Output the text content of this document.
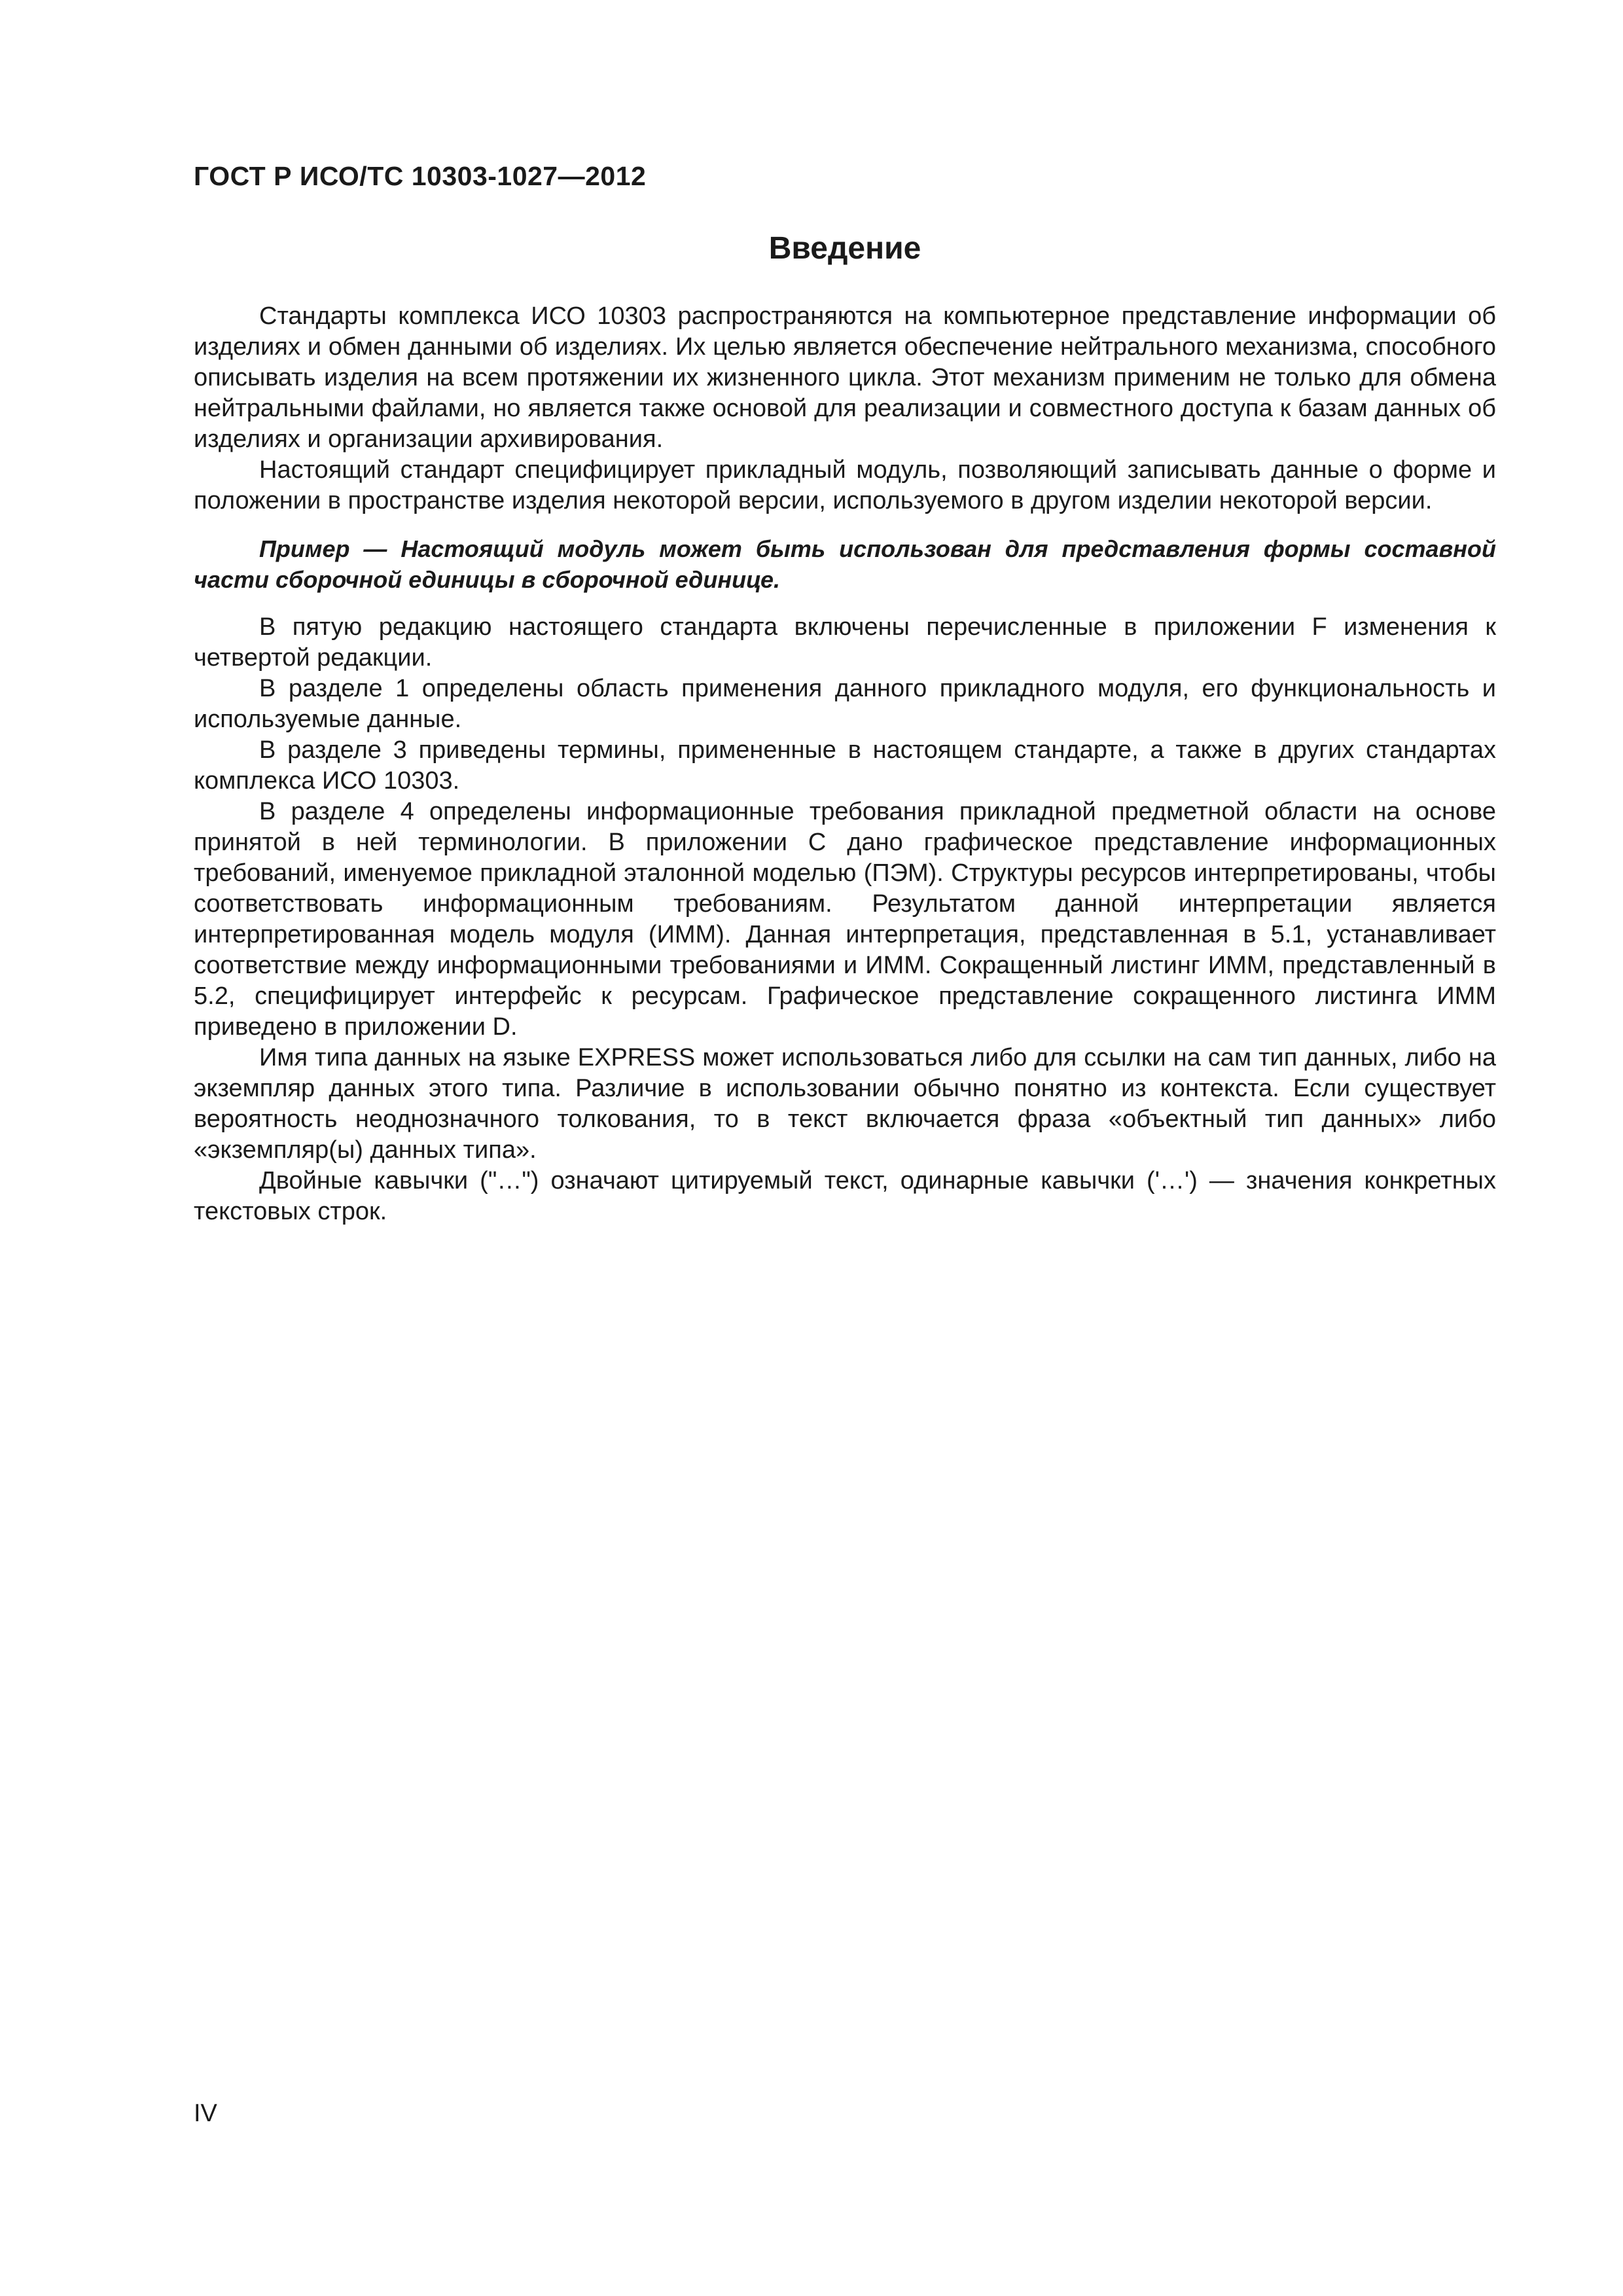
ГОСТ Р ИСО/ТС 10303-1027—2012

Введение

Стандарты комплекса ИСО 10303 распространяются на компьютерное представление информации об изделиях и обмен данными об изделиях. Их целью является обеспечение нейтрального механизма, способного описывать изделия на всем протяжении их жизненного цикла. Этот механизм применим не только для обмена нейтральными файлами, но является также основой для реализации и совместного доступа к базам данных об изделиях и организации архивирования.

Настоящий стандарт специфицирует прикладный модуль, позволяющий записывать данные о форме и положении в пространстве изделия некоторой версии, используемого в другом изделии некоторой версии.

Пример — Настоящий модуль может быть использован для представления формы составной части сборочной единицы в сборочной единице.

В пятую редакцию настоящего стандарта включены перечисленные в приложении F изменения к четвертой редакции.

В разделе 1 определены область применения данного прикладного модуля, его функциональность и используемые данные.

В разделе 3 приведены термины, примененные в настоящем стандарте, а также в других стандартах комплекса ИСО 10303.

В разделе 4 определены информационные требования прикладной предметной области на основе принятой в ней терминологии. В приложении С дано графическое представление информационных требований, именуемое прикладной эталонной моделью (ПЭМ). Структуры ресурсов интерпретированы, чтобы соответствовать информационным требованиям. Результатом данной интерпретации является интерпретированная модель модуля (ИММ). Данная интерпретация, представленная в 5.1, устанавливает соответствие между информационными требованиями и ИММ. Сокращенный листинг ИММ, представленный в 5.2, специфицирует интерфейс к ресурсам. Графическое представление сокращенного листинга ИММ приведено в приложении D.

Имя типа данных на языке EXPRESS может использоваться либо для ссылки на сам тип данных, либо на экземпляр данных этого типа. Различие в использовании обычно понятно из контекста. Если существует вероятность неоднозначного толкования, то в текст включается фраза «объектный тип данных» либо «экземпляр(ы) данных типа».

Двойные кавычки ("…") означают цитируемый текст, одинарные кавычки ('…') — значения конкретных текстовых строк.

IV
